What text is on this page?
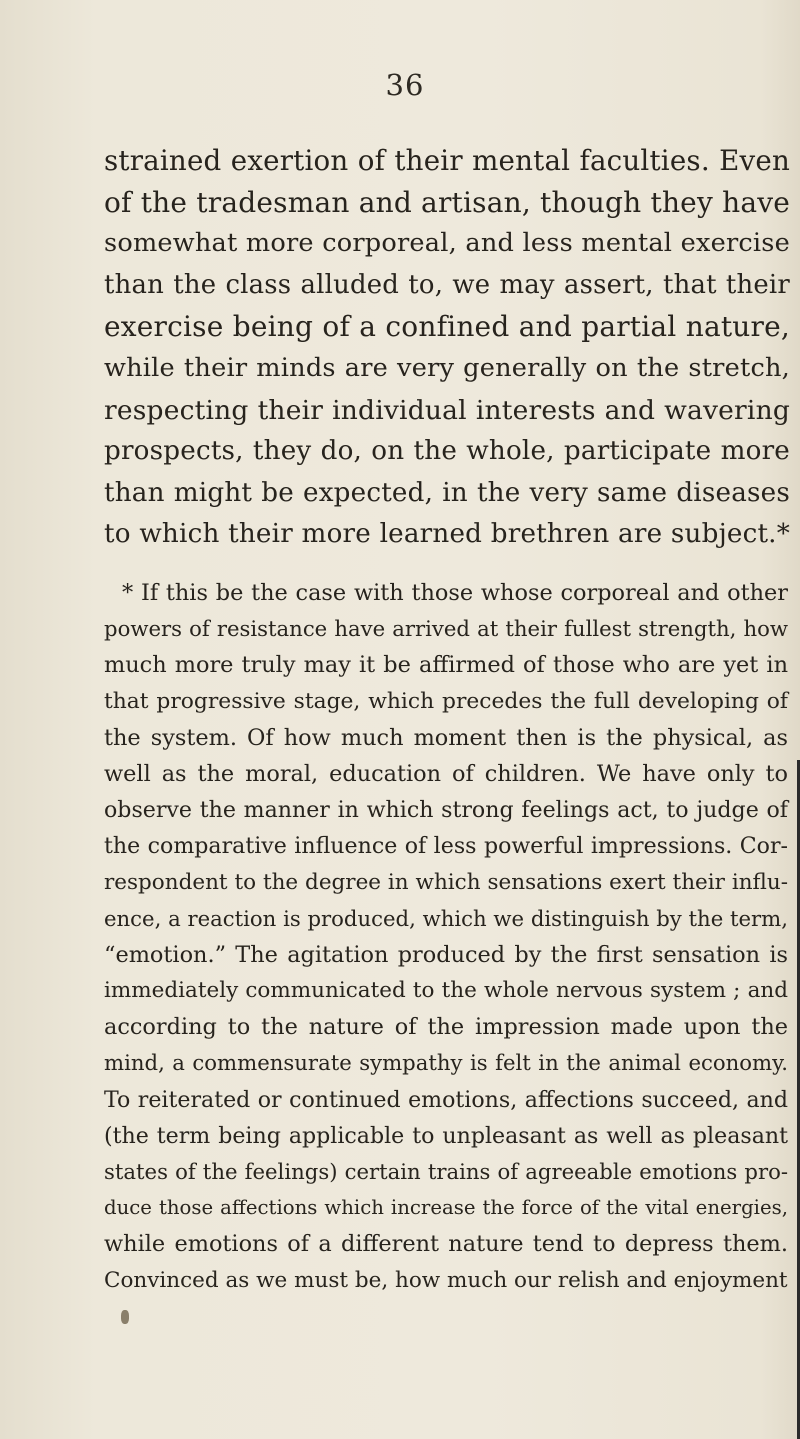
36
strained exertion of their mental faculties. Even
of the tradesman and artisan, though they have
somewhat more corporeal, and less mental exercise
than the class alluded to, we may assert, that their
exercise being of a confined and partial nature,
while their minds are very generally on the stretch,
respecting their individual interests and wavering
prospects, they do, on the whole, participate more
than might be expected, in the very same diseases
to which their more learned brethren are subject.*
* If this be the case with those whose corporeal and other
powers of resistance have arrived at their fullest strength, how
much more truly may it be affirmed of those who are yet in
that progressive stage, which precedes the full developing of
the system. Of how much moment then is the physical, as
well as the moral, education of children. We have only to
observe the manner in which strong feelings act, to judge of
the comparative influence of less powerful impressions. Cor-
respondent to the degree in which sensations exert their influ-
ence, a reaction is produced, which we distinguish by the term,
“emotion.” The agitation produced by the first sensation is
immediately communicated to the whole nervous system ; and
according to the nature of the impression made upon the
mind, a commensurate sympathy is felt in the animal economy.
To reiterated or continued emotions, affections succeed, and
(the term being applicable to unpleasant as well as pleasant
states of the feelings) certain trains of agreeable emotions pro-
duce those affections which increase the force of the vital energies,
while emotions of a different nature tend to depress them.
Convinced as we must be, how much our relish and enjoyment
